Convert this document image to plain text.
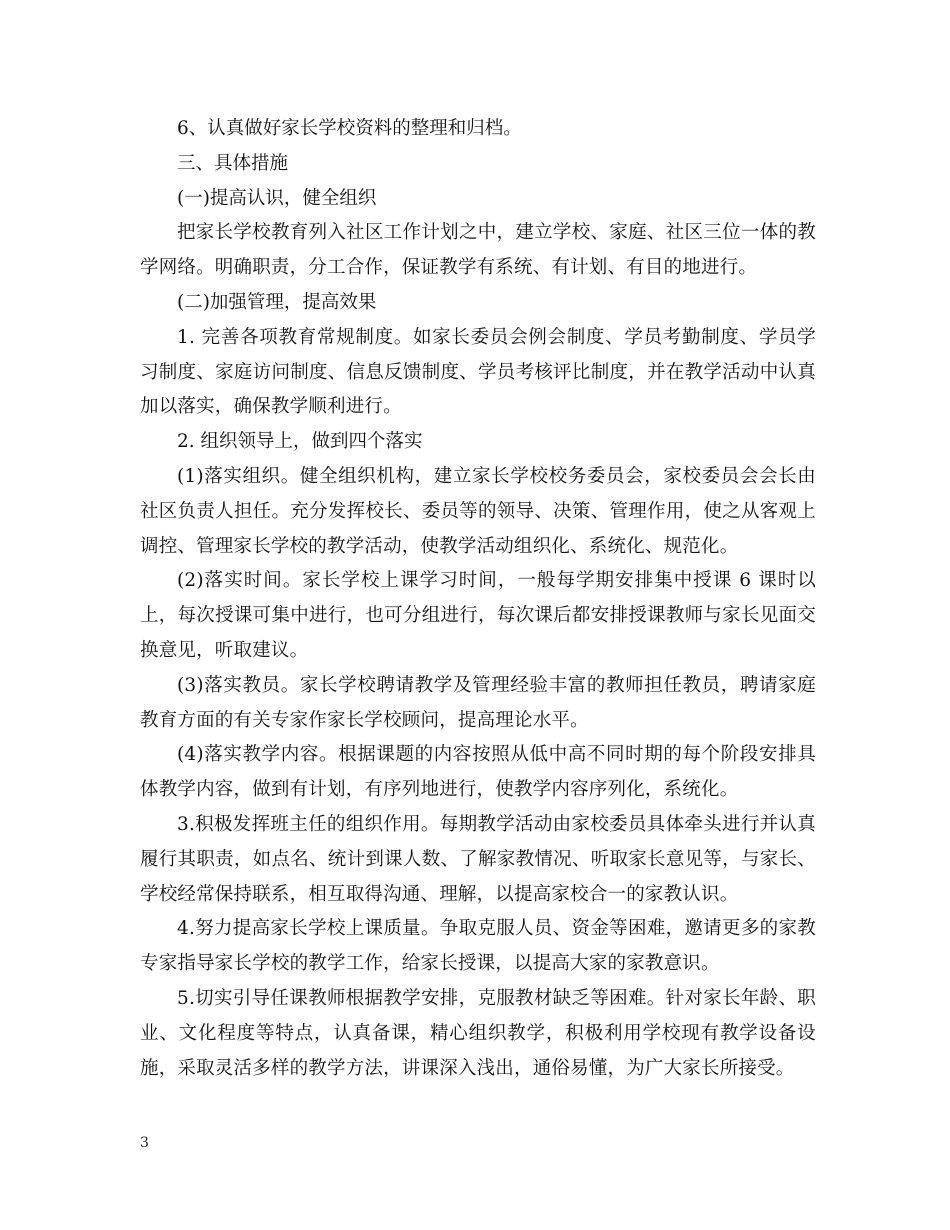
6、认真做好家长学校资料的整理和归档。

三、具体措施

(一)提高认识，健全组织

把家长学校教育列入社区工作计划之中，建立学校、家庭、社区三位一体的教学网络。明确职责，分工合作，保证教学有系统、有计划、有目的地进行。

(二)加强管理，提高效果

1. 完善各项教育常规制度。如家长委员会例会制度、学员考勤制度、学员学习制度、家庭访问制度、信息反馈制度、学员考核评比制度，并在教学活动中认真加以落实，确保教学顺利进行。

2. 组织领导上，做到四个落实

(1)落实组织。健全组织机构，建立家长学校校务委员会，家校委员会会长由社区负责人担任。充分发挥校长、委员等的领导、决策、管理作用，使之从客观上调控、管理家长学校的教学活动，使教学活动组织化、系统化、规范化。

(2)落实时间。家长学校上课学习时间，一般每学期安排集中授课 6 课时以上，每次授课可集中进行，也可分组进行，每次课后都安排授课教师与家长见面交换意见，听取建议。

(3)落实教员。家长学校聘请教学及管理经验丰富的教师担任教员，聘请家庭教育方面的有关专家作家长学校顾问，提高理论水平。

(4)落实教学内容。根据课题的内容按照从低中高不同时期的每个阶段安排具体教学内容，做到有计划，有序列地进行，使教学内容序列化，系统化。

3.积极发挥班主任的组织作用。每期教学活动由家校委员具体牵头进行并认真履行其职责，如点名、统计到课人数、了解家教情况、听取家长意见等，与家长、学校经常保持联系，相互取得沟通、理解，以提高家校合一的家教认识。

4.努力提高家长学校上课质量。争取克服人员、资金等困难，邀请更多的家教专家指导家长学校的教学工作，给家长授课，以提高大家的家教意识。

5.切实引导任课教师根据教学安排，克服教材缺乏等困难。针对家长年龄、职业、文化程度等特点，认真备课，精心组织教学，积极利用学校现有教学设备设施，采取灵活多样的教学方法，讲课深入浅出，通俗易懂，为广大家长所接受。

3
